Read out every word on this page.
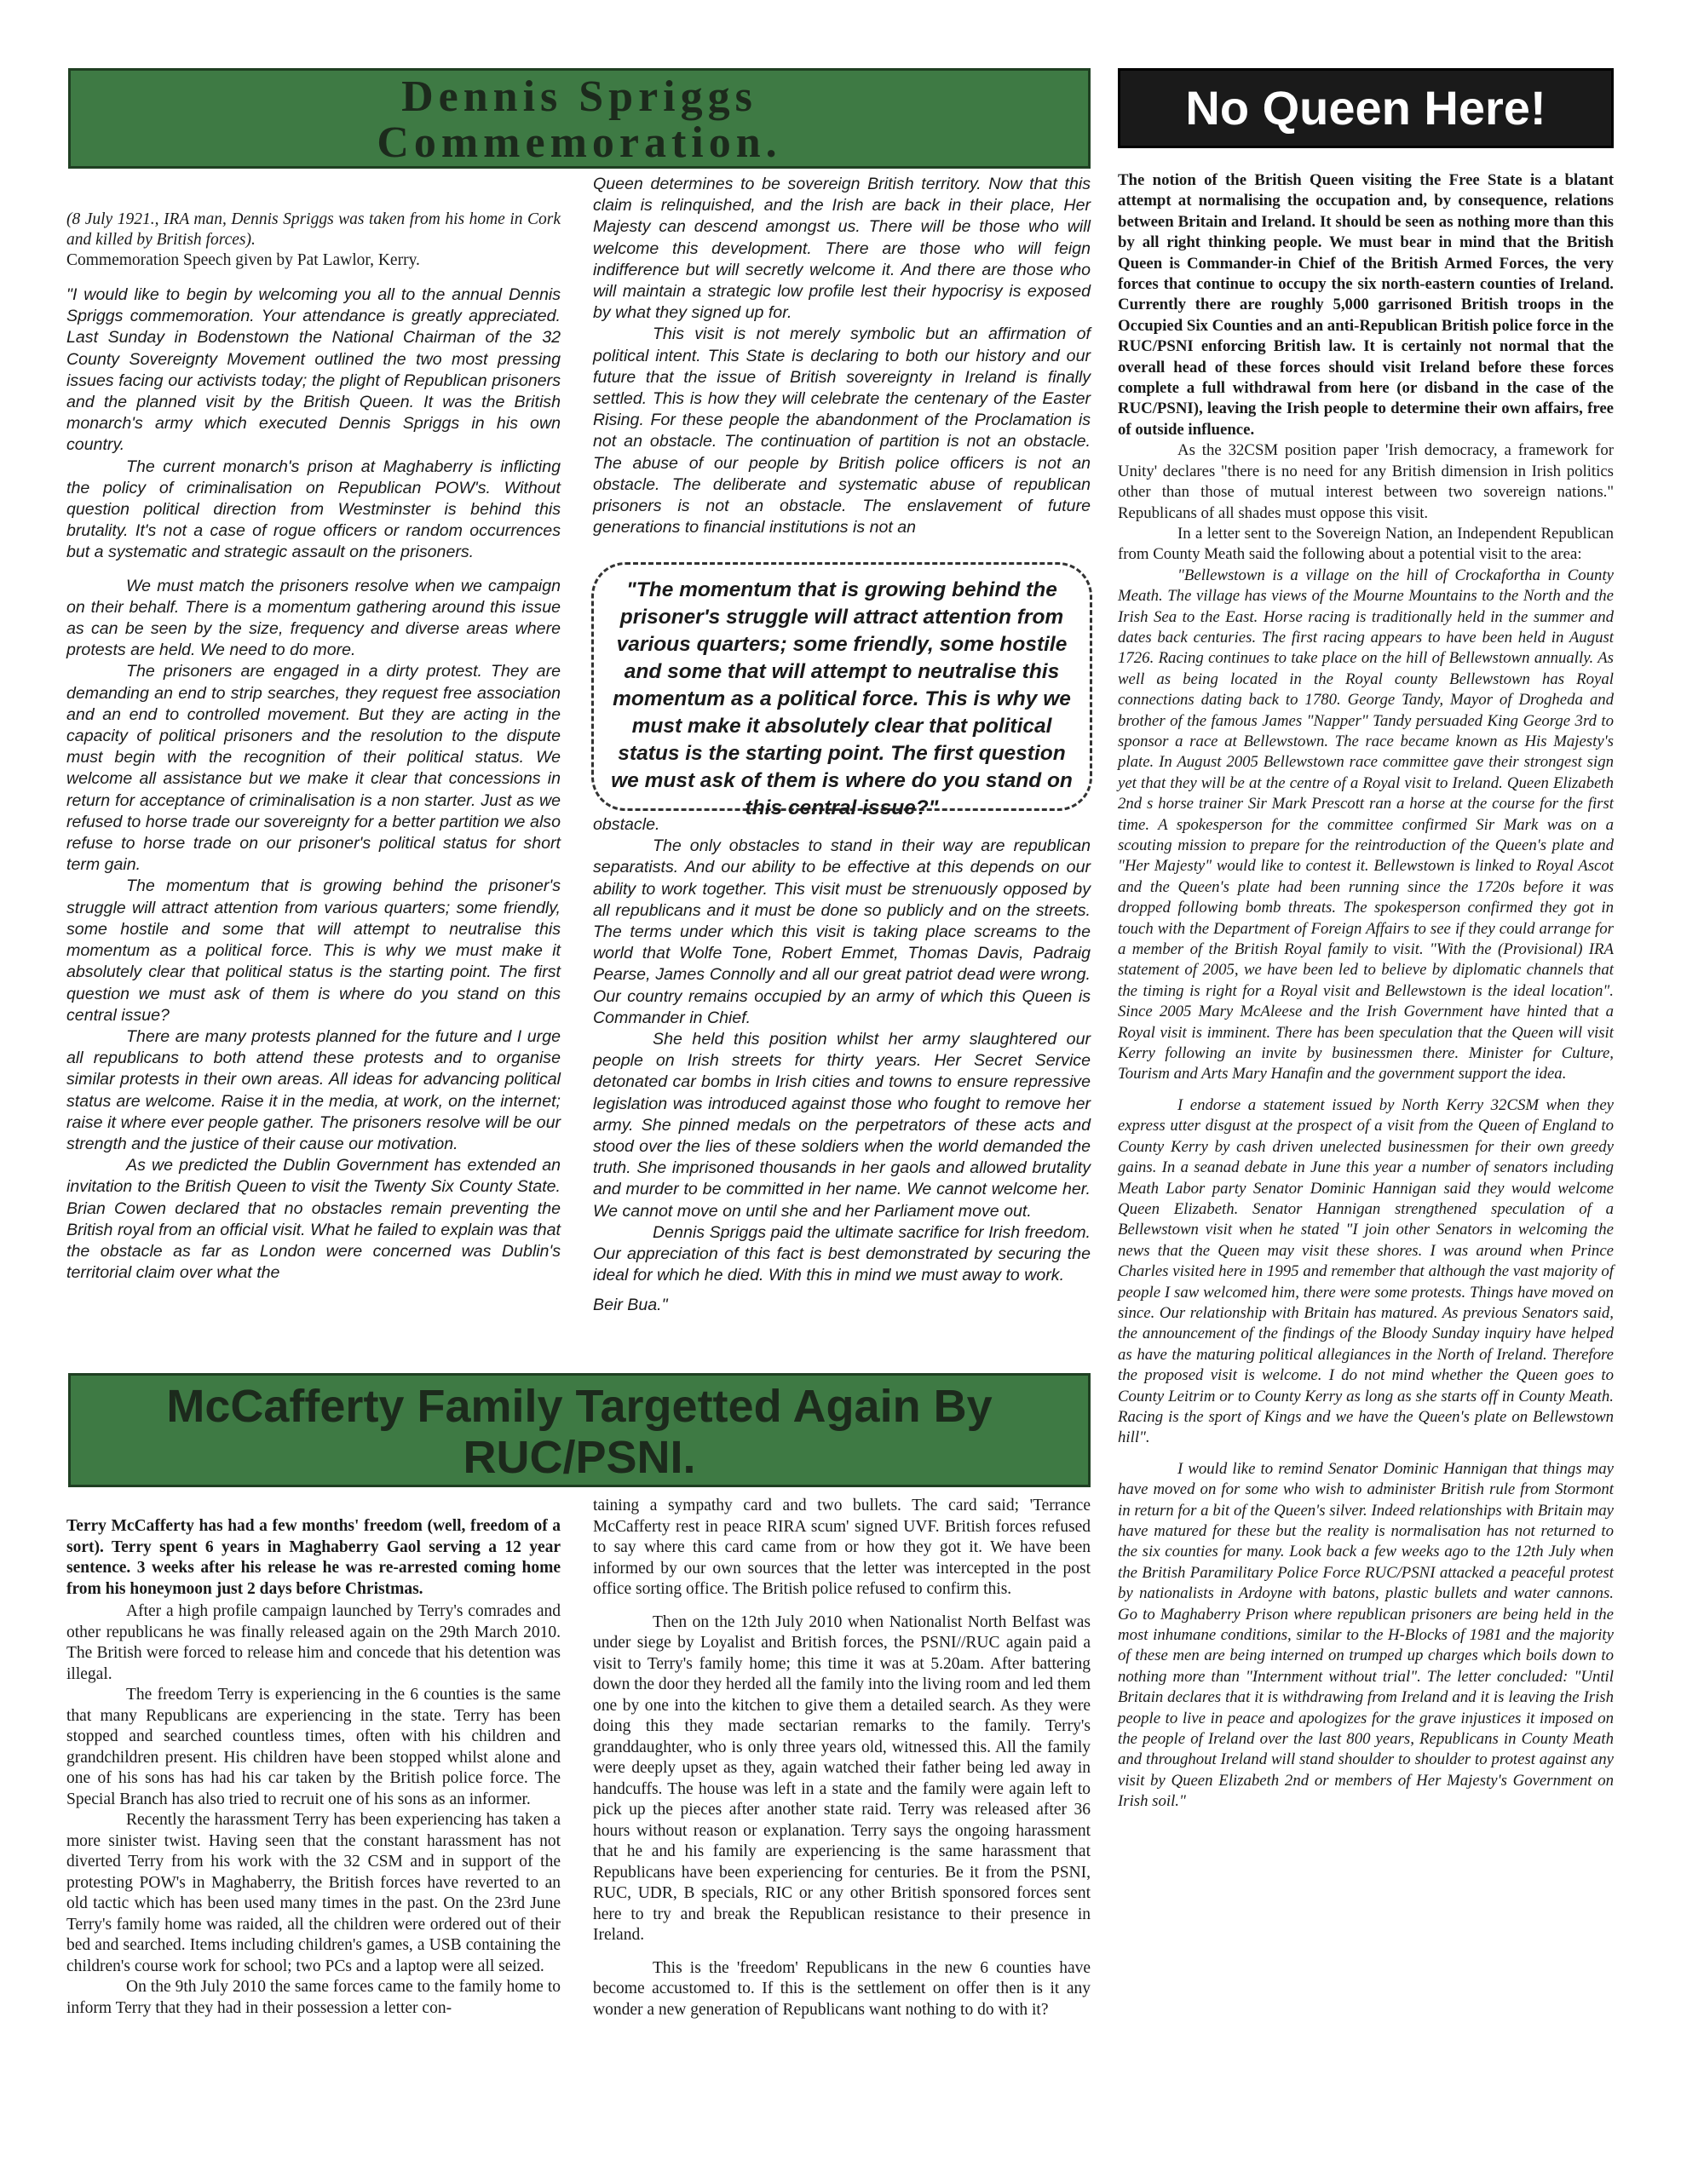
Dennis Spriggs
Commemoration.
No Queen Here!

(8 July 1921., IRA man, Dennis Spriggs was taken from his home in Cork and killed by British forces).

Commemoration Speech given by Pat Lawlor, Kerry.

"I would like to begin by welcoming you all to the annual Dennis Spriggs commemoration. Your attendance is greatly appreciated. Last Sunday in Bodenstown the National Chairman of the 32 County Sovereignty Movement outlined the two most pressing issues facing our activists today; the plight of Republican prisoners and the planned visit by the British Queen. It was the British monarch's army which executed Dennis Spriggs in his own country.

The current monarch's prison at Maghaberry is inflicting the policy of criminalisation on Republican POW's. Without question political direction from Westminster is behind this brutality. It's not a case of rogue officers or random occurrences but a systematic and strategic assault on the prisoners.

We must match the prisoners resolve when we campaign on their behalf. There is a momentum gathering around this issue as can be seen by the size, frequency and diverse areas where protests are held. We need to do more.

The prisoners are engaged in a dirty protest. They are demanding an end to strip searches, they request free association and an end to controlled movement. But they are acting in the capacity of political prisoners and the resolution to the dispute must begin with the recognition of their political status. We welcome all assistance but we make it clear that concessions in return for acceptance of criminalisation is a non starter. Just as we refused to horse trade our sovereignty for a better partition we also refuse to horse trade on our prisoner's political status for short term gain.

The momentum that is growing behind the prisoner's struggle will attract attention from various quarters; some friendly, some hostile and some that will attempt to neutralise this momentum as a political force. This is why we must make it absolutely clear that political status is the starting point. The first question we must ask of them is where do you stand on this central issue?

There are many protests planned for the future and I urge all republicans to both attend these protests and to organise similar protests in their own areas. All ideas for advancing political status are welcome. Raise it in the media, at work, on the internet; raise it where ever people gather. The prisoners resolve will be our strength and the justice of their cause our motivation.

As we predicted the Dublin Government has extended an invitation to the British Queen to visit the Twenty Six County State. Brian Cowen declared that no obstacles remain preventing the British royal from an official visit. What he failed to explain was that the obstacle as far as London were concerned was Dublin's territorial claim over what the

Queen determines to be sovereign British territory. Now that this claim is relinquished, and the Irish are back in their place, Her Majesty can descend amongst us. There will be those who will welcome this development. There are those who will feign indifference but will secretly welcome it. And there are those who will maintain a strategic low profile lest their hypocrisy is exposed by what they signed up for.

This visit is not merely symbolic but an affirmation of political intent. This State is declaring to both our history and our future that the issue of British sovereignty in Ireland is finally settled. This is how they will celebrate the centenary of the Easter Rising. For these people the abandonment of the Proclamation is not an obstacle. The continuation of partition is not an obstacle. The abuse of our people by British police officers is not an obstacle. The deliberate and systematic abuse of republican prisoners is not an obstacle. The enslavement of future generations to financial institutions is not an

"The momentum that is growing behind the prisoner's struggle will attract attention from various quarters; some friendly, some hostile and some that will attempt to neutralise this momentum as a political force. This is why we must make it absolutely clear that political status is the starting point. The first question we must ask of them is where do you stand on this central issue?"

obstacle.

The only obstacles to stand in their way are republican separatists. And our ability to be effective at this depends on our ability to work together. This visit must be strenuously opposed by all republicans and it must be done so publicly and on the streets. The terms under which this visit is taking place screams to the world that Wolfe Tone, Robert Emmet, Thomas Davis, Padraig Pearse, James Connolly and all our great patriot dead were wrong. Our country remains occupied by an army of which this Queen is Commander in Chief.

She held this position whilst her army slaughtered our people on Irish streets for thirty years. Her Secret Service detonated car bombs in Irish cities and towns to ensure repressive legislation was introduced against those who fought to remove her army. She pinned medals on the perpetrators of these acts and stood over the lies of these soldiers when the world demanded the truth. She imprisoned thousands in her gaols and allowed brutality and murder to be committed in her name. We cannot welcome her. We cannot move on until she and her Parliament move out.

Dennis Spriggs paid the ultimate sacrifice for Irish freedom. Our appreciation of this fact is best demonstrated by securing the ideal for which he died. With this in mind we must away to work.

Beir Bua."

McCafferty Family Targetted Again By
RUC/PSNI.

Terry McCafferty has had a few months' freedom (well, freedom of a sort). Terry spent 6 years in Maghaberry Gaol serving a 12 year sentence. 3 weeks after his release he was re-arrested coming home from his honeymoon just 2 days before Christmas.

After a high profile campaign launched by Terry's comrades and other republicans he was finally released again on the 29th March 2010. The British were forced to release him and concede that his detention was illegal.

The freedom Terry is experiencing in the 6 counties is the same that many Republicans are experiencing in the state. Terry has been stopped and searched countless times, often with his children and grandchildren present. His children have been stopped whilst alone and one of his sons has had his car taken by the British police force. The Special Branch has also tried to recruit one of his sons as an informer.

Recently the harassment Terry has been experiencing has taken a more sinister twist. Having seen that the constant harassment has not diverted Terry from his work with the 32 CSM and in support of the protesting POW's in Maghaberry, the British forces have reverted to an old tactic which has been used many times in the past. On the 23rd June Terry's family home was raided, all the children were ordered out of their bed and searched. Items including children's games, a USB containing the children's course work for school; two PCs and a laptop were all seized.

On the 9th July 2010 the same forces came to the family home to inform Terry that they had in their possession a letter con-

taining a sympathy card and two bullets. The card said; 'Terrance McCafferty rest in peace RIRA scum' signed UVF. British forces refused to say where this card came from or how they got it. We have been informed by our own sources that the letter was intercepted in the post office sorting office. The British police refused to confirm this.

Then on the 12th July 2010 when Nationalist North Belfast was under siege by Loyalist and British forces, the PSNI//RUC again paid a visit to Terry's family home; this time it was at 5.20am. After battering down the door they herded all the family into the living room and led them one by one into the kitchen to give them a detailed search. As they were doing this they made sectarian remarks to the family. Terry's granddaughter, who is only three years old, witnessed this. All the family were deeply upset as they, again watched their father being led away in handcuffs. The house was left in a state and the family were again left to pick up the pieces after another state raid. Terry was released after 36 hours without reason or explanation. Terry says the ongoing harassment that he and his family are experiencing is the same harassment that Republicans have been experiencing for centuries. Be it from the PSNI, RUC, UDR, B specials, RIC or any other British sponsored forces sent here to try and break the Republican resistance to their presence in Ireland.

This is the 'freedom' Republicans in the new 6 counties have become accustomed to. If this is the settlement on offer then is it any wonder a new generation of Republicans want nothing to do with it?

The notion of the British Queen visiting the Free State is a blatant attempt at normalising the occupation and, by consequence, relations between Britain and Ireland. It should be seen as nothing more than this by all right thinking people. We must bear in mind that the British Queen is Commander-in Chief of the British Armed Forces, the very forces that continue to occupy the six north-eastern counties of Ireland. Currently there are roughly 5,000 garrisoned British troops in the Occupied Six Counties and an anti-Republican British police force in the RUC/PSNI enforcing British law. It is certainly not normal that the overall head of these forces should visit Ireland before these forces complete a full withdrawal from here (or disband in the case of the RUC/PSNI), leaving the Irish people to determine their own affairs, free of outside influence.

As the 32CSM position paper 'Irish democracy, a framework for Unity' declares "there is no need for any British dimension in Irish politics other than those of mutual interest between two sovereign nations." Republicans of all shades must oppose this visit.

In a letter sent to the Sovereign Nation, an Independent Republican from County Meath said the following about a potential visit to the area:

"Bellewstown is a village on the hill of Crockafortha in County Meath. The village has views of the Mourne Mountains to the North and the Irish Sea to the East. Horse racing is traditionally held in the summer and dates back centuries. The first racing appears to have been held in August 1726. Racing continues to take place on the hill of Bellewstown annually. As well as being located in the Royal county Bellewstown has Royal connections dating back to 1780. George Tandy, Mayor of Drogheda and brother of the famous James "Napper" Tandy persuaded King George 3rd to sponsor a race at Bellewstown. The race became known as His Majesty's plate. In August 2005 Bellewstown race committee gave their strongest sign yet that they will be at the centre of a Royal visit to Ireland. Queen Elizabeth 2nd s horse trainer Sir Mark Prescott ran a horse at the course for the first time. A spokesperson for the committee confirmed Sir Mark was on a scouting mission to prepare for the reintroduction of the Queen's plate and "Her Majesty" would like to contest it. Bellewstown is linked to Royal Ascot and the Queen's plate had been running since the 1720s before it was dropped following bomb threats. The spokesperson confirmed they got in touch with the Department of Foreign Affairs to see if they could arrange for a member of the British Royal family to visit. "With the (Provisional) IRA statement of 2005, we have been led to believe by diplomatic channels that the timing is right for a Royal visit and Bellewstown is the ideal location". Since 2005 Mary McAleese and the Irish Government have hinted that a Royal visit is imminent. There has been speculation that the Queen will visit Kerry following an invite by businessmen there. Minister for Culture, Tourism and Arts Mary Hanafin and the government support the idea.

I endorse a statement issued by North Kerry 32CSM when they express utter disgust at the prospect of a visit from the Queen of England to County Kerry by cash driven unelected businessmen for their own greedy gains. In a seanad debate in June this year a number of senators including Meath Labor party Senator Dominic Hannigan said they would welcome Queen Elizabeth. Senator Hannigan strengthened speculation of a Bellewstown visit when he stated "I join other Senators in welcoming the news that the Queen may visit these shores. I was around when Prince Charles visited here in 1995 and remember that although the vast majority of people I saw welcomed him, there were some protests. Things have moved on since. Our relationship with Britain has matured. As previous Senators said, the announcement of the findings of the Bloody Sunday inquiry have helped as have the maturing political allegiances in the North of Ireland. Therefore the proposed visit is welcome. I do not mind whether the Queen goes to County Leitrim or to County Kerry as long as she starts off in County Meath. Racing is the sport of Kings and we have the Queen's plate on Bellewstown hill".

I would like to remind Senator Dominic Hannigan that things may have moved on for some who wish to administer British rule from Stormont in return for a bit of the Queen's silver. Indeed relationships with Britain may have matured for these but the reality is normalisation has not returned to the six counties for many. Look back a few weeks ago to the 12th July when the British Paramilitary Police Force RUC/PSNI attacked a peaceful protest by nationalists in Ardoyne with batons, plastic bullets and water cannons. Go to Maghaberry Prison where republican prisoners are being held in the most inhumane conditions, similar to the H-Blocks of 1981 and the majority of these men are being interned on trumped up charges which boils down to nothing more than "Internment without trial". The letter concluded: "Until Britain declares that it is withdrawing from Ireland and it is leaving the Irish people to live in peace and apologizes for the grave injustices it imposed on the people of Ireland over the last 800 years, Republicans in County Meath and throughout Ireland will stand shoulder to shoulder to protest against any visit by Queen Elizabeth 2nd or members of Her Majesty's Government on Irish soil."
